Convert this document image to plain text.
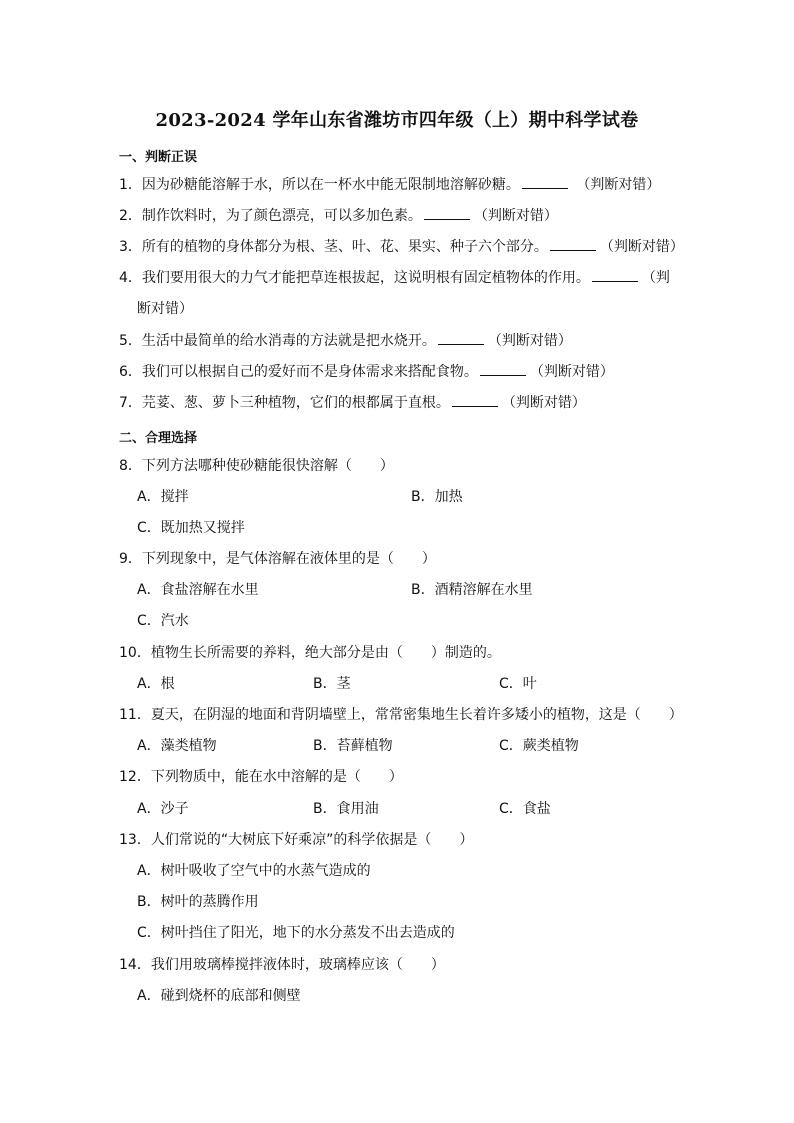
2023-2024 学年山东省潍坊市四年级（上）期中科学试卷
一、判断正误
1．因为砂糖能溶解于水，所以在一杯水中能无限制地溶解砂糖。	（判断对错）
2．制作饮料时，为了颜色漂亮，可以多加色素。	（判断对错）
3．所有的植物的身体都分为根、茎、叶、花、果实、种子六个部分。	（判断对错）
4．我们要用很大的力气才能把草连根拔起，这说明根有固定植物体的作用。	（判
断对错）
5．生活中最简单的给水消毒的方法就是把水烧开。	（判断对错）
6．我们可以根据自己的爱好而不是身体需求来搭配食物。	（判断对错）
7．芫荽、葱、萝卜三种植物，它们的根都属于直根。	（判断对错）
二、合理选择
8．下列方法哪种使砂糖能很快溶解（　　）
A．搅拌	B．加热
C．既加热又搅拌
9．下列现象中，是气体溶解在液体里的是（　　）
A．食盐溶解在水里	B．酒精溶解在水里
C．汽水
10．植物生长所需要的养料，绝大部分是由（　　）制造的。
A．根	B．茎	C．叶
11．夏天，在阴湿的地面和背阴墙壁上，常常密集地生长着许多矮小的植物，这是（　　）
A．藻类植物	B．苔藓植物	C．蕨类植物
12．下列物质中，能在水中溶解的是（　　）
A．沙子	B．食用油	C．食盐
13．人们常说的“大树底下好乘凉”的科学依据是（　　）
A．树叶吸收了空气中的水蒸气造成的
B．树叶的蒸腾作用
C．树叶挡住了阳光，地下的水分蒸发不出去造成的
14．我们用玻璃棒搅拌液体时，玻璃棒应该（　　）
A．碰到烧杯的底部和侧壁
